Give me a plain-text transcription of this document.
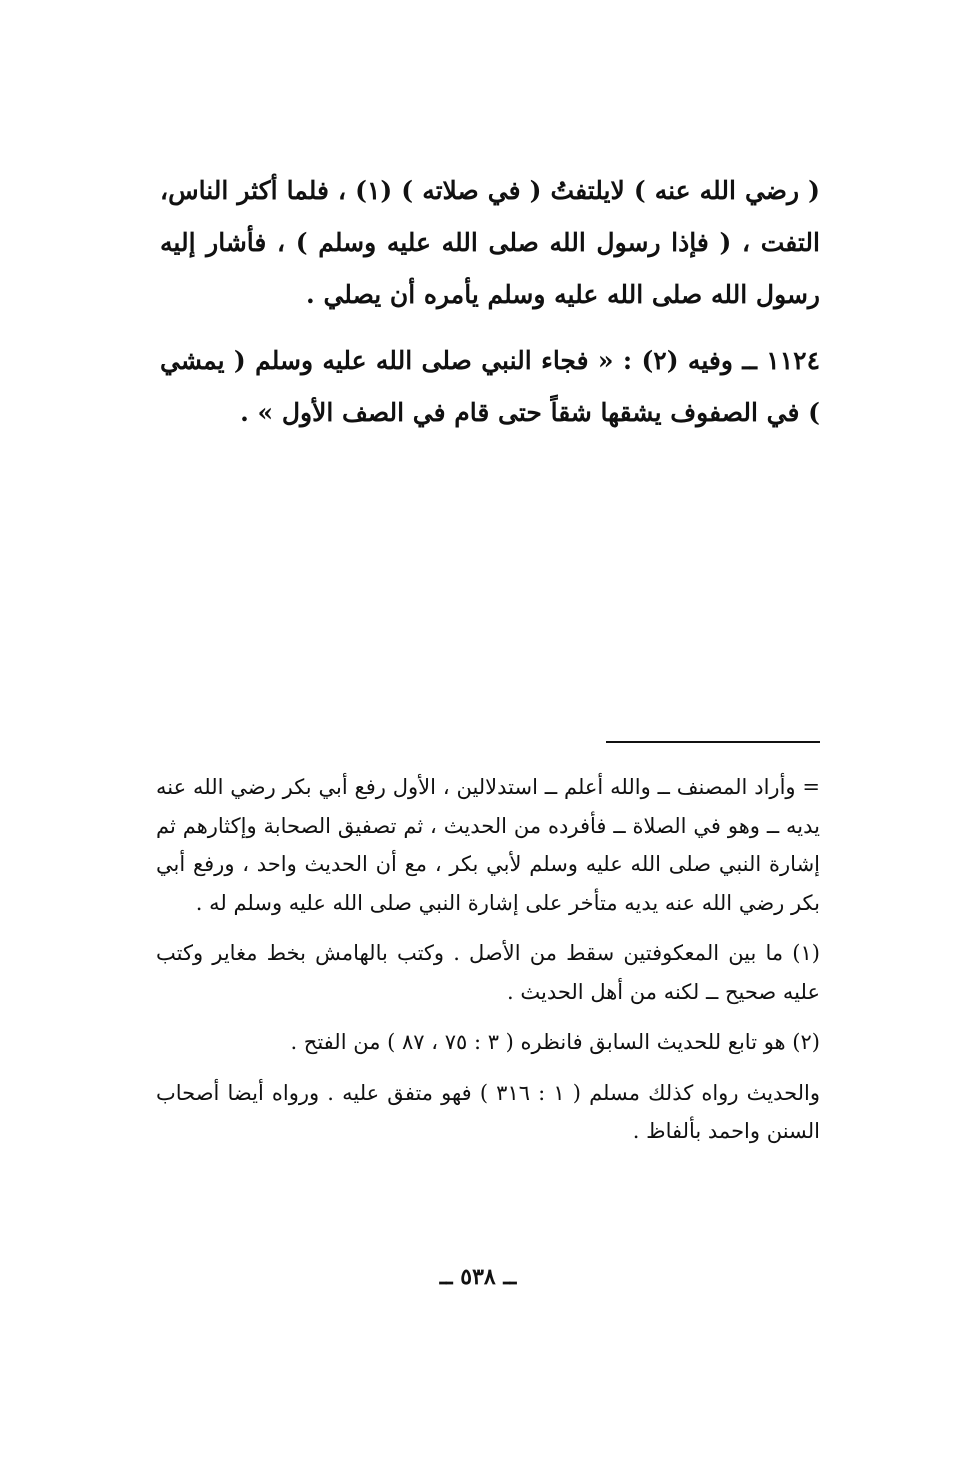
( رضي الله عنه ) لايلتفتُ ( في صلاته ) (١) ، فلما أكثر الناس، التفت ، ( فإذا رسول الله صلى الله عليه وسلم ) ، فأشار إليه رسول الله صلى الله عليه وسلم يأمره أن يصلي .

١١٢٤ ــ وفيه (٢) : « فجاء النبي صلى الله عليه وسلم ( يمشي ) في الصفوف يشقها شقاً حتى قام في الصف الأول » .

= وأراد المصنف ــ والله أعلم ــ استدلالين ، الأول رفع أبي بكر رضي الله عنه يديه ــ وهو في الصلاة ــ فأفرده من الحديث ، ثم تصفيق الصحابة وإكثارهم ثم إشارة النبي صلى الله عليه وسلم لأبي بكر ، مع أن الحديث واحد ، ورفع أبي بكر رضي الله عنه يديه متأخر على إشارة النبي صلى الله عليه وسلم له .

(١) ما بين المعكوفتين سقط من الأصل . وكتب بالهامش بخط مغاير وكتب عليه صحيح ــ لكنه من أهل الحديث .

(٢) هو تابع للحديث السابق فانظره ( ٣ : ٧٥ ، ٨٧ ) من الفتح .

والحديث رواه كذلك مسلم ( ١ : ٣١٦ ) فهو متفق عليه . ورواه أيضا أصحاب السنن واحمد بألفاظ .

ــ ٥٣٨ ــ
